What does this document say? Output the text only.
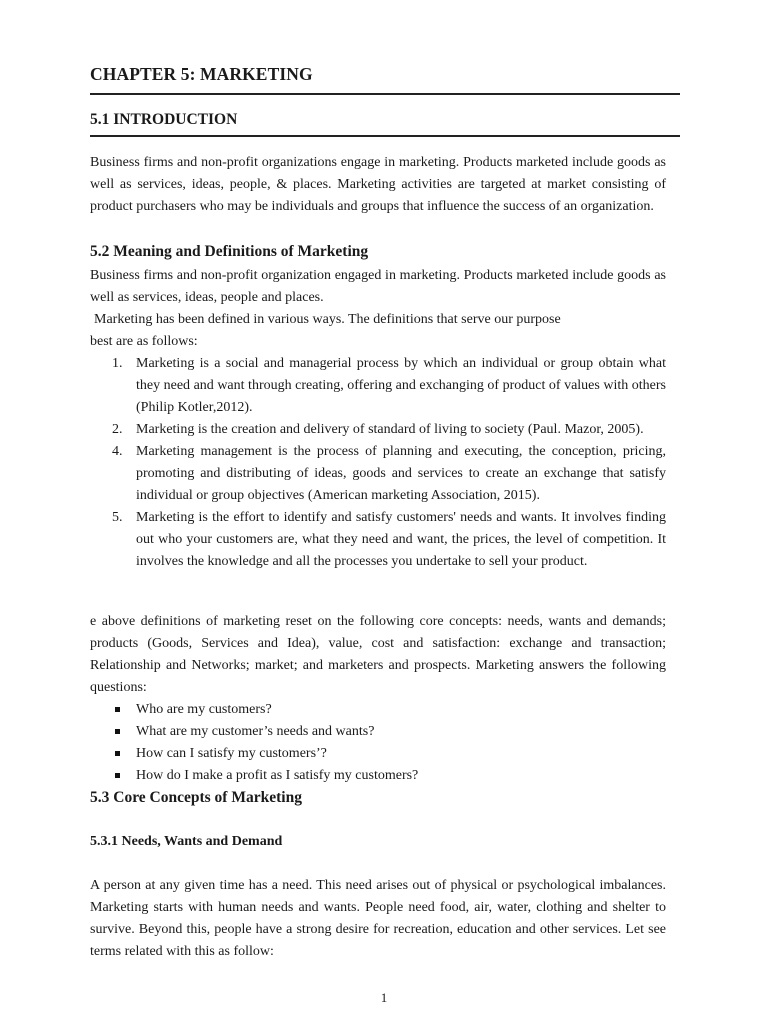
CHAPTER 5: MARKETING
5.1 INTRODUCTION
Business firms and non-profit organizations engage in marketing. Products marketed include goods as well as services, ideas, people, & places. Marketing activities are targeted at market consisting of product purchasers who may be individuals and groups that influence the success of an organization.
5.2 Meaning and Definitions of Marketing
Business firms and non-profit organization engaged in marketing. Products marketed include goods as well as services, ideas, people and places.
Marketing has been defined in various ways. The definitions that serve our purpose
best are as follows:
1. Marketing is a social and managerial process by which an individual or group obtain what they need and want through creating, offering and exchanging of product of values with others (Philip Kotler,2012).
2. Marketing is the creation and delivery of standard of living to society (Paul. Mazor, 2005).
4. Marketing management is the process of planning and executing, the conception, pricing, promoting and distributing of ideas, goods and services to create an exchange that satisfy individual or group objectives (American marketing Association, 2015).
5. Marketing is the effort to identify and satisfy customers' needs and wants. It involves finding out who your customers are, what they need and want, the prices, the level of competition. It involves the knowledge and all the processes you undertake to sell your product.
e above definitions of marketing reset on the following core concepts: needs, wants and demands; products (Goods, Services and Idea), value, cost and satisfaction: exchange and transaction; Relationship and Networks; market; and marketers and prospects. Marketing answers the following questions:
Who are my customers?
What are my customer’s needs and wants?
How can I satisfy my customers’?
How do I make a profit as I satisfy my customers?
5.3 Core Concepts of Marketing
5.3.1 Needs, Wants and Demand
A person at any given time has a need. This need arises out of physical or psychological imbalances. Marketing starts with human needs and wants. People need food, air, water, clothing and shelter to survive. Beyond this, people have a strong desire for recreation, education and other services. Let see terms related with this as follow:
1
